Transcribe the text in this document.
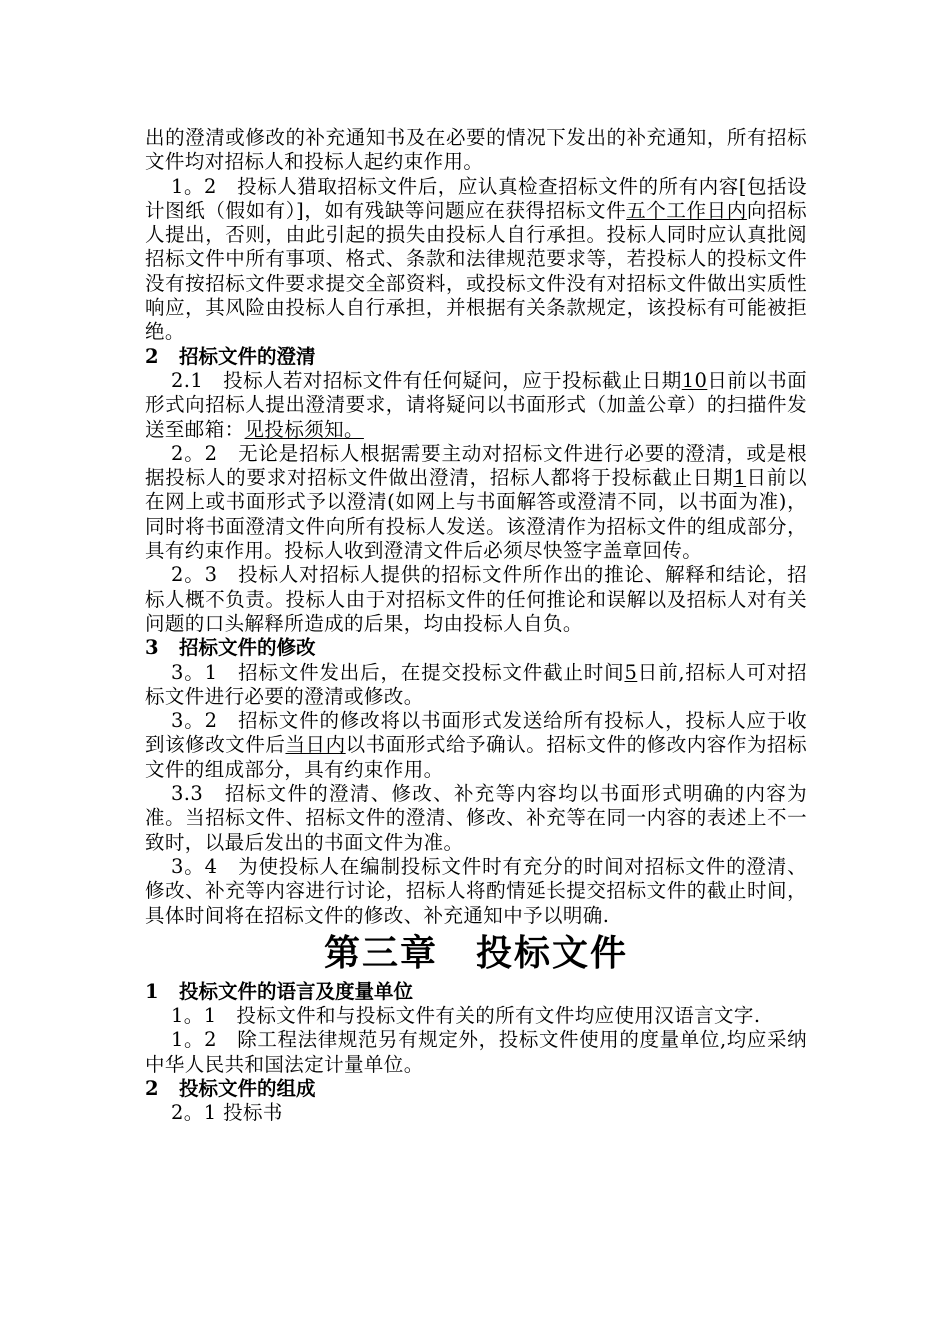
出的澄清或修改的补充通知书及在必要的情况下发出的补充通知，所有招标文件均对招标人和投标人起约束作用。

1。2　投标人猎取招标文件后，应认真检查招标文件的所有内容[包括设计图纸（假如有）]，如有残缺等问题应在获得招标文件五个工作日内向招标人提出，否则，由此引起的损失由投标人自行承担。投标人同时应认真批阅招标文件中所有事项、格式、条款和法律规范要求等，若投标人的投标文件没有按招标文件要求提交全部资料，或投标文件没有对招标文件做出实质性响应，其风险由投标人自行承担，并根据有关条款规定，该投标有可能被拒绝。

2 招标文件的澄清

2.1　投标人若对招标文件有任何疑问，应于投标截止日期10日前以书面形式向招标人提出澄清要求，请将疑问以书面形式（加盖公章）的扫描件发送至邮箱：见投标须知。

2。2　无论是招标人根据需要主动对招标文件进行必要的澄清，或是根据投标人的要求对招标文件做出澄清，招标人都将于投标截止日期1日前以在网上或书面形式予以澄清(如网上与书面解答或澄清不同，以书面为准)，同时将书面澄清文件向所有投标人发送。该澄清作为招标文件的组成部分，具有约束作用。投标人收到澄清文件后必须尽快签字盖章回传。

2。3　投标人对招标人提供的招标文件所作出的推论、解释和结论，招标人概不负责。投标人由于对招标文件的任何推论和误解以及招标人对有关问题的口头解释所造成的后果，均由投标人自负。

3 招标文件的修改

3。1　招标文件发出后，在提交投标文件截止时间5日前,招标人可对招标文件进行必要的澄清或修改。

3。2　招标文件的修改将以书面形式发送给所有投标人，投标人应于收到该修改文件后当日内以书面形式给予确认。招标文件的修改内容作为招标文件的组成部分，具有约束作用。

3.3　招标文件的澄清、修改、补充等内容均以书面形式明确的内容为准。当招标文件、招标文件的澄清、修改、补充等在同一内容的表述上不一致时，以最后发出的书面文件为准。

3。4　为使投标人在编制投标文件时有充分的时间对招标文件的澄清、修改、补充等内容进行讨论，招标人将酌情延长提交招标文件的截止时间，具体时间将在招标文件的修改、补充通知中予以明确.

第三章　投标文件
1 投标文件的语言及度量单位

1。1　投标文件和与投标文件有关的所有文件均应使用汉语言文字.

1。2　除工程法律规范另有规定外，投标文件使用的度量单位,均应采纳中华人民共和国法定计量单位。

2 投标文件的组成

2。1 投标书
